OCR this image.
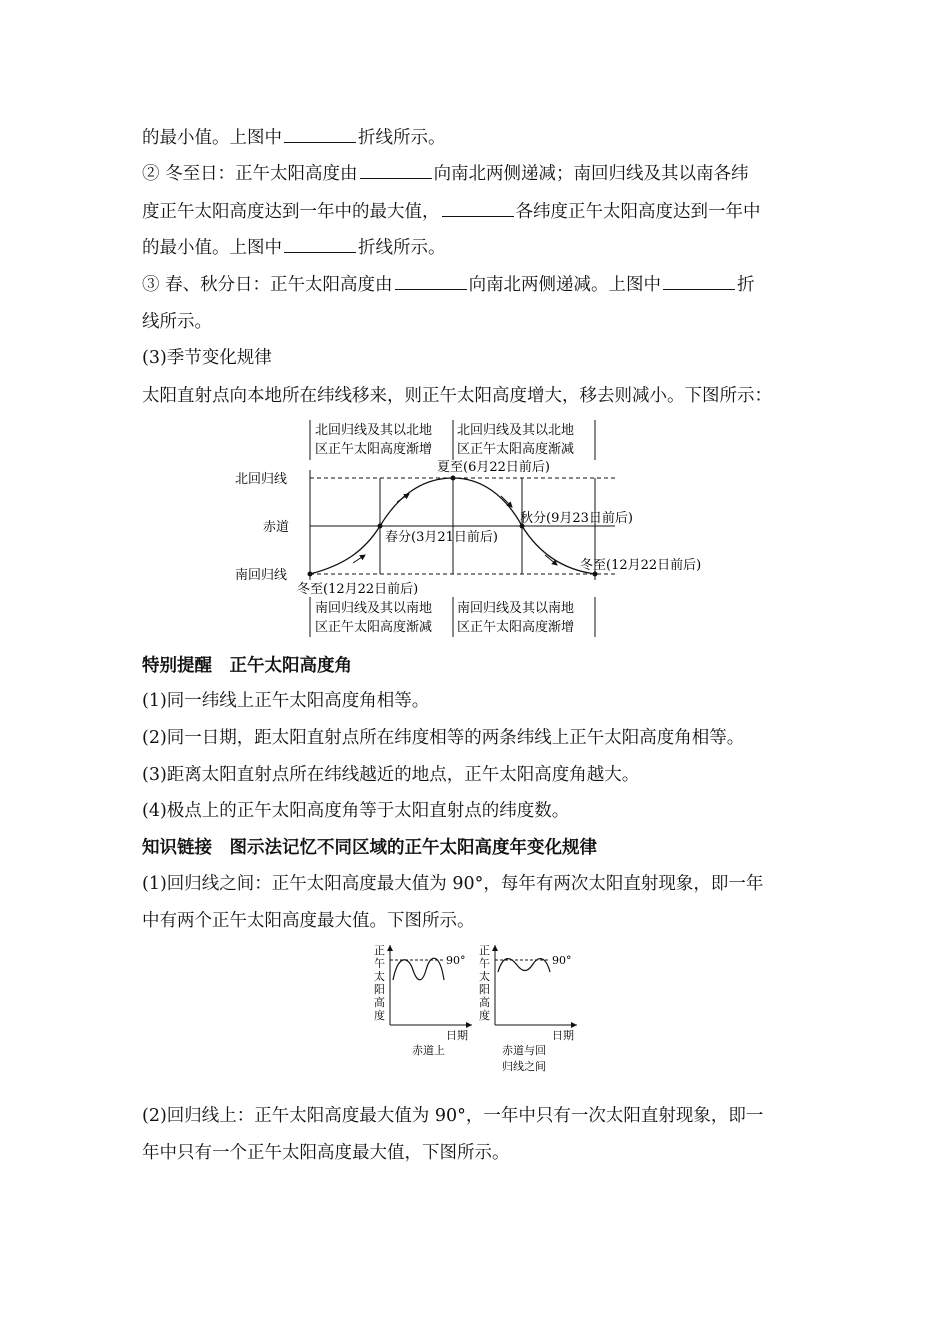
的最小值。上图中	折线所示。
② 冬至日：正午太阳高度由	向南北两侧递减；南回归线及其以南各纬
度正午太阳高度达到一年中的最大值，	各纬度正午太阳高度达到一年中
的最小值。上图中	折线所示。
③ 春、秋分日：正午太阳高度由	向南北两侧递减。上图中	折
线所示。
(3)季节变化规律
太阳直射点向本地所在纬线移来，则正午太阳高度增大，移去则减小。下图所示：
北回归线及其以北地
区正午太阳高度渐增
北回归线及其以北地
区正午太阳高度渐减
北回归线
赤道
南回归线
夏至(6月22日前后)
春分(3月21日前后)
秋分(9月23日前后)
冬至(12月22日前后)
冬至(12月22日前后)
南回归线及其以南地
区正午太阳高度渐减
南回归线及其以南地
区正午太阳高度渐增
特别提醒　正午太阳高度角
(1)同一纬线上正午太阳高度角相等。
(2)同一日期，距太阳直射点所在纬度相等的两条纬线上正午太阳高度角相等。
(3)距离太阳直射点所在纬线越近的地点，正午太阳高度角越大。
(4)极点上的正午太阳高度角等于太阳直射点的纬度数。
知识链接　图示法记忆不同区域的正午太阳高度年变化规律
(1)回归线之间：正午太阳高度最大值为 90°，每年有两次太阳直射现象，即一年
中有两个正午太阳高度最大值。下图所示。
90°
正
午
太
阳
高
度
日期
赤道上
90°
正
午
太
阳
高
度
日期
赤道与回
归线之间
(2)回归线上：正午太阳高度最大值为 90°，一年中只有一次太阳直射现象，即一
年中只有一个正午太阳高度最大值，下图所示。
